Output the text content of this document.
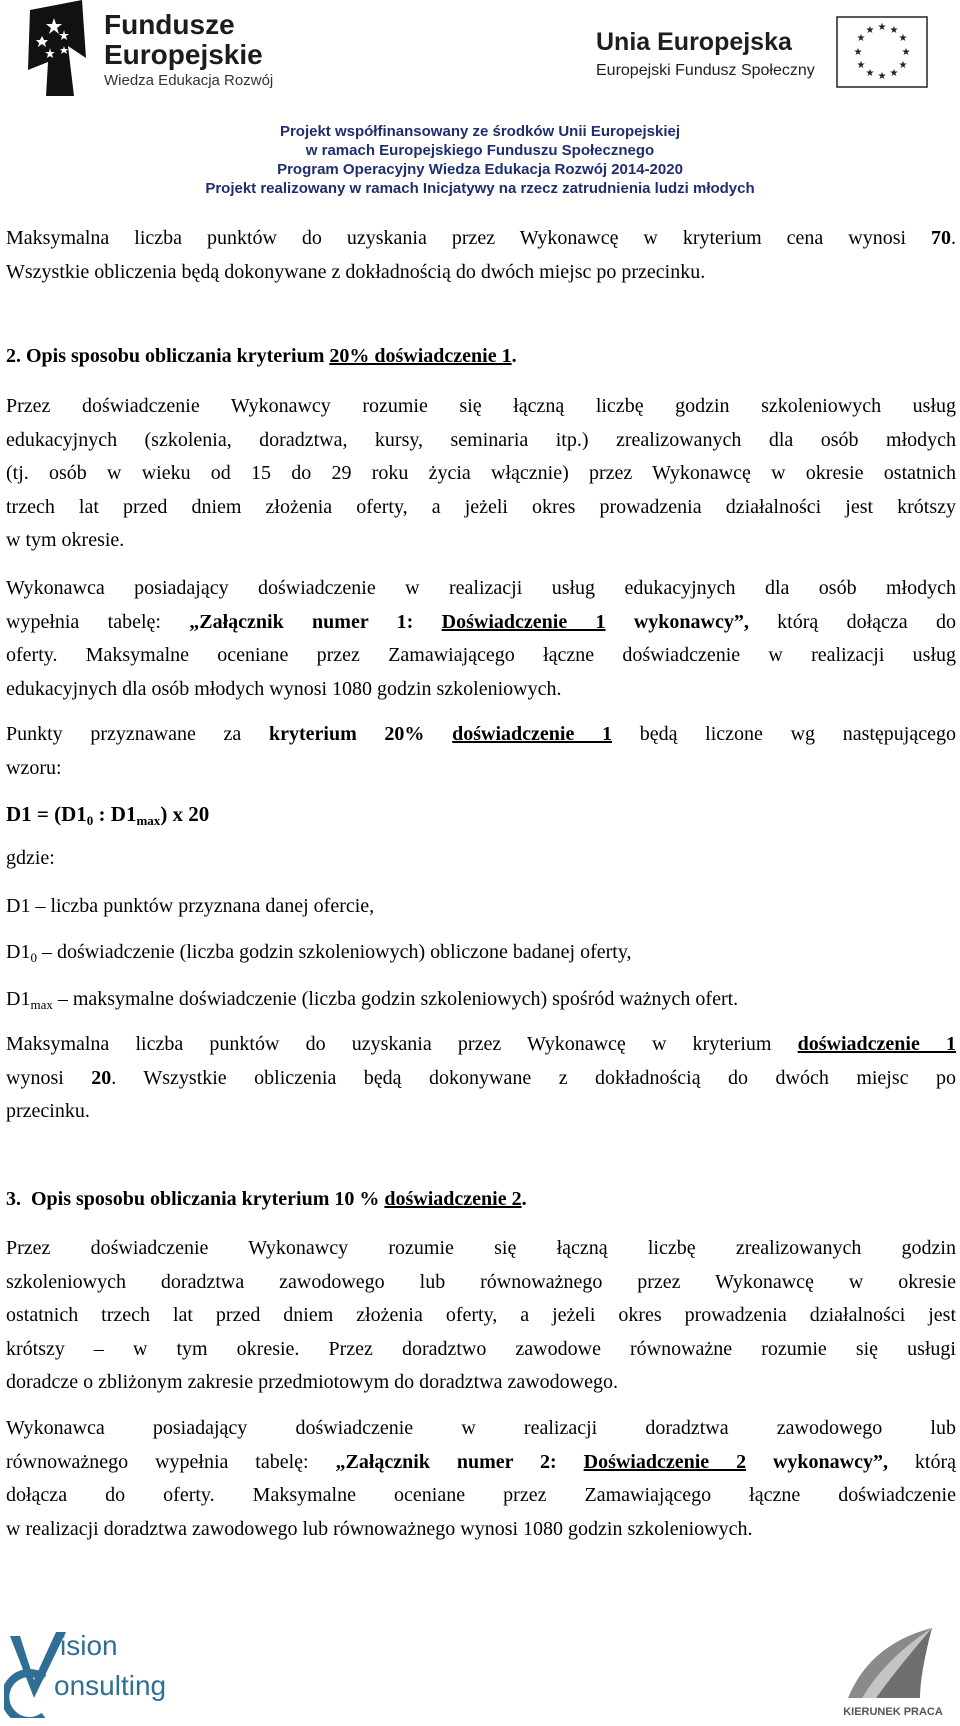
Fundusze
Europejskie
Wiedza Edukacja Rozwój
Unia Europejska
Europejski Fundusz Społeczny
★ ★
★
★
★
★
★
★
★
★
★
★
Projekt współfinansowany ze środków Unii Europejskiej
w ramach Europejskiego Funduszu Społecznego
Program Operacyjny Wiedza Edukacja Rozwój 2014-2020
Projekt realizowany w ramach Inicjatywy na rzecz zatrudnienia ludzi młodych
Maksymalna liczba punktów do uzyskania przez Wykonawcę w kryterium cena wynosi 70.
Wszystkie obliczenia będą dokonywane z dokładnością do dwóch miejsc po przecinku.
2. Opis sposobu obliczania kryterium 20% doświadczenie 1.
Przez doświadczenie Wykonawcy rozumie się łączną liczbę godzin szkoleniowych usług
edukacyjnych (szkolenia, doradztwa, kursy, seminaria itp.) zrealizowanych dla osób młodych
(tj. osób w wieku od 15 do 29 roku życia włącznie) przez Wykonawcę w okresie ostatnich
trzech lat przed dniem złożenia oferty, a jeżeli okres prowadzenia działalności jest krótszy
w tym okresie.
Wykonawca posiadający doświadczenie w realizacji usług edukacyjnych dla osób młodych
wypełnia tabelę: „Załącznik numer 1: Doświadczenie 1 wykonawcy”, którą dołącza do
oferty. Maksymalne oceniane przez Zamawiającego łączne doświadczenie w realizacji usług
edukacyjnych dla osób młodych wynosi 1080 godzin szkoleniowych.
Punkty przyznawane za kryterium 20% doświadczenie 1 będą liczone wg następującego
wzoru:
$D1 = (D1_0$ : $D1_{max}$) x 20
gdzie:
D1 – liczba punktów przyznana danej ofercie,
$D1_0$ – doświadczenie (liczba godzin szkoleniowych) obliczone badanej oferty,
$D1_{max}$ – maksymalne doświadczenie (liczba godzin szkoleniowych) spośród ważnych ofert.
Maksymalna liczba punktów do uzyskania przez Wykonawcę w kryterium doświadczenie 1
wynosi 20. Wszystkie obliczenia będą dokonywane z dokładnością do dwóch miejsc po
przecinku.
3.  Opis sposobu obliczania kryterium 10 % doświadczenie 2.
Przez doświadczenie Wykonawcy rozumie się łączną liczbę zrealizowanych godzin
szkoleniowych doradztwa zawodowego lub równoważnego przez Wykonawcę w okresie
ostatnich trzech lat przed dniem złożenia oferty, a jeżeli okres prowadzenia działalności jest
krótszy – w tym okresie. Przez doradztwo zawodowe równoważne rozumie się usługi
doradcze o zbliżonym zakresie przedmiotowym do doradztwa zawodowego.
Wykonawca posiadający doświadczenie w realizacji doradztwa zawodowego lub
równoważnego wypełnia tabelę: „Załącznik numer 2: Doświadczenie 2 wykonawcy”, którą
dołącza do oferty. Maksymalne oceniane przez Zamawiającego łączne doświadczenie
w realizacji doradztwa zawodowego lub równoważnego wynosi 1080 godzin szkoleniowych.
ision
onsulting
KIERUNEK PRACA
